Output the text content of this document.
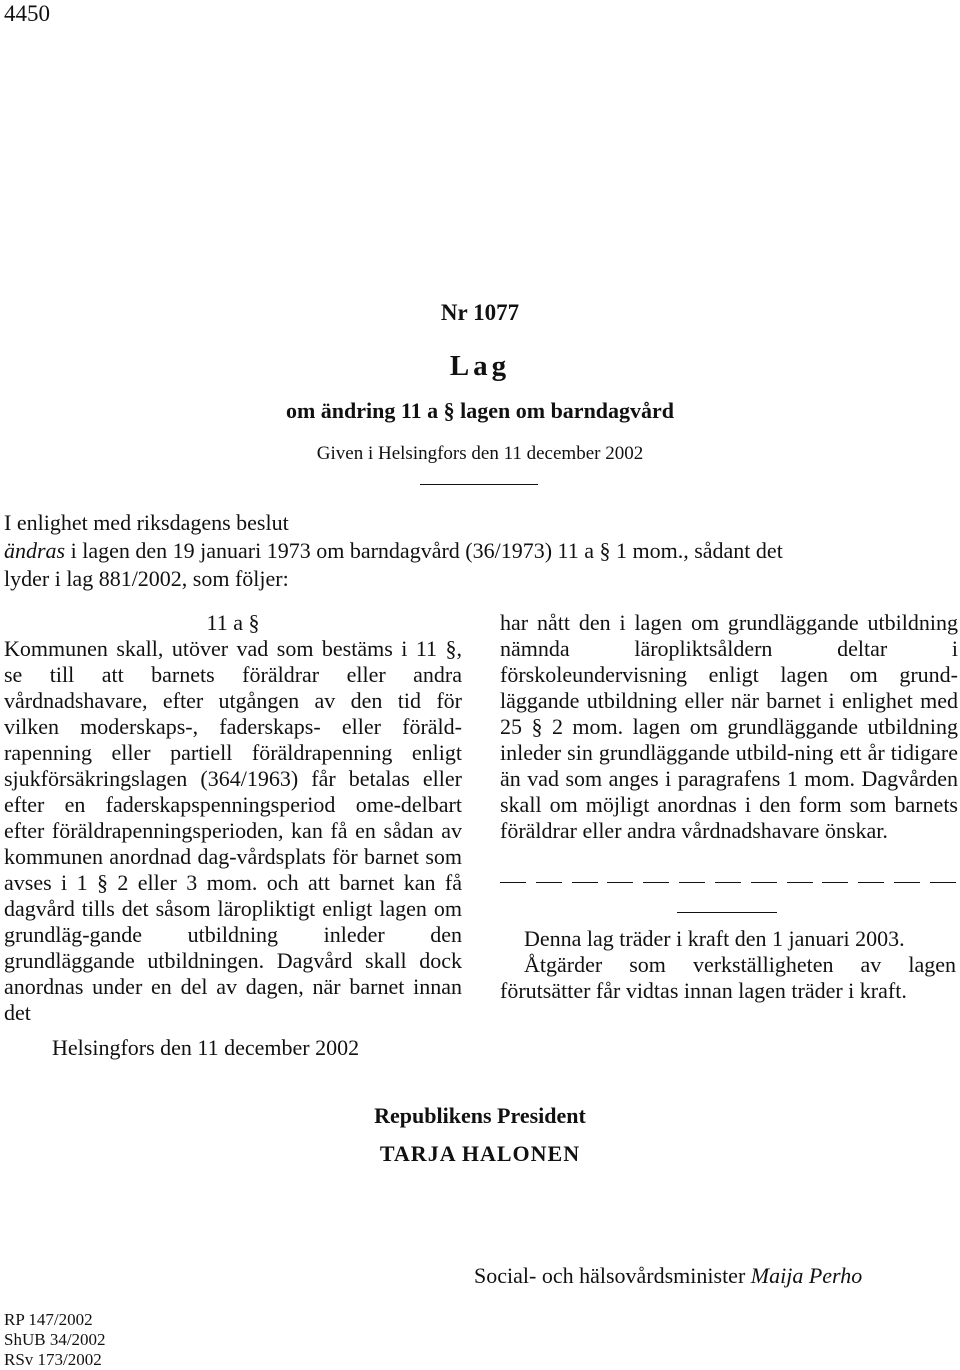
4450
Nr 1077
Lag
om ändring 11 a § lagen om barndagvård
Given i Helsingfors den 11 december 2002
I enlighet med riksdagens beslut
ändras i lagen den 19 januari 1973 om barndagvård (36/1973) 11 a § 1 mom., sådant det
lyder i lag 881/2002, som följer:
11 a §

Kommunen skall, utöver vad som bestäms i 11 §, se till att barnets föräldrar eller andra vårdnadshavare, efter utgången av den tid för vilken moderskaps-, faderskaps- eller föräld-rapenning eller partiell föräldrapenning enligt sjukförsäkringslagen (364/1963) får betalas eller efter en faderskapspenningsperiod ome-delbart efter föräldrapenningsperioden, kan få en sådan av kommunen anordnad dag-vårdsplats för barnet som avses i 1 § 2 eller 3 mom. och att barnet kan få dagvård tills det såsom läropliktigt enligt lagen om grundläg-gande utbildning inleder den grundläggande utbildningen. Dagvård skall dock anordnas under en del av dagen, när barnet innan det

har nått den i lagen om grundläggande utbildning nämnda läropliktsåldern deltar i förskoleundervisning enligt lagen om grund-läggande utbildning eller när barnet i enlighet med 25 § 2 mom. lagen om grundläggande utbildning inleder sin grundläggande utbild-ning ett år tidigare än vad som anges i paragrafens 1 mom. Dagvården skall om möjligt anordnas i den form som barnets föräldrar eller andra vårdnadshavare önskar.

Denna lag träder i kraft den 1 januari 2003.

Åtgärder som verkställigheten av lagen förutsätter får vidtas innan lagen träder i kraft.

Helsingfors den 11 december 2002
Republikens President
TARJA HALONEN
Social- och hälsovårdsminister Maija Perho
RP 147/2002
ShUB 34/2002
RSv 173/2002
